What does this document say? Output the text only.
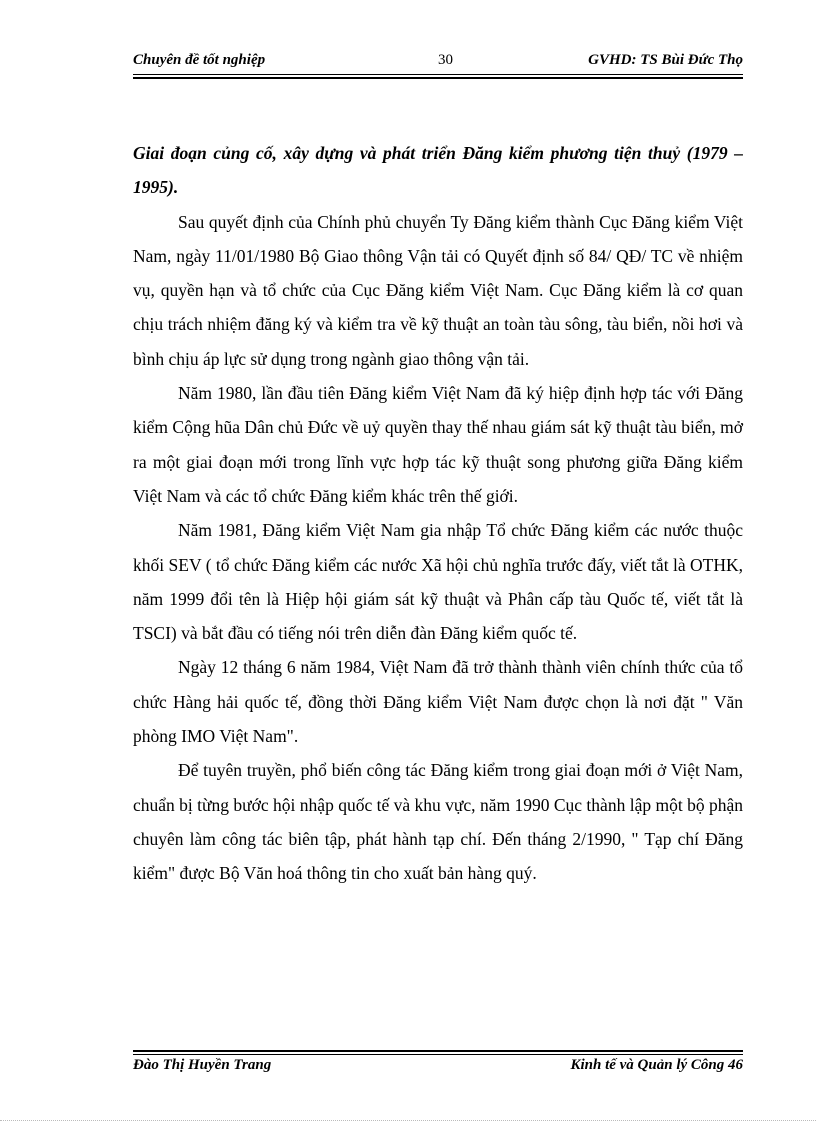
Chuyên đề tốt nghiệp	30	GVHD: TS Bùi Đức Thọ

Giai đoạn củng cố, xây dựng và phát triển Đăng kiểm phương tiện thuỷ (1979 – 1995).

Sau quyết định của Chính phủ chuyển Ty Đăng kiểm thành Cục Đăng kiểm Việt Nam, ngày 11/01/1980 Bộ Giao thông Vận tải có Quyết định số 84/ QĐ/ TC về nhiệm vụ, quyền hạn và tổ chức của Cục Đăng kiểm Việt Nam. Cục Đăng kiểm là cơ quan chịu trách nhiệm đăng ký và kiểm tra về kỹ thuật an toàn tàu sông, tàu biển, nồi hơi và bình chịu áp lực sử dụng trong ngành giao thông vận tải.

Năm 1980, lần đầu tiên Đăng kiểm Việt Nam đã ký hiệp định hợp tác với Đăng kiểm Cộng hũa Dân chủ Đức về uỷ quyền thay thế nhau giám sát kỹ thuật tàu biển, mở ra một giai đoạn mới trong lĩnh vực hợp tác kỹ thuật song phương giữa Đăng kiểm Việt Nam và các tổ chức Đăng kiểm khác trên thế giới.

Năm 1981, Đăng kiểm Việt Nam gia nhập Tổ chức Đăng kiểm các nước thuộc khối SEV ( tổ chức Đăng kiểm các nước Xã hội chủ nghĩa trước đấy, viết tắt là OTHK, năm 1999 đổi tên là Hiệp hội giám sát kỹ thuật và Phân cấp tàu Quốc tế, viết tắt là TSCI) và bắt đầu có tiếng nói trên diễn đàn Đăng kiểm quốc tế.

Ngày 12 tháng 6 năm 1984, Việt Nam đã trở thành thành viên chính thức của tổ chức Hàng hải quốc tế, đồng thời Đăng kiểm Việt Nam được chọn là nơi đặt " Văn phòng IMO Việt Nam".

Để tuyên truyền, phổ biến công tác Đăng kiểm trong giai đoạn mới ở Việt Nam, chuẩn bị từng bước hội nhập quốc tế và khu vực, năm 1990 Cục thành lập một bộ phận chuyên làm công tác biên tập, phát hành tạp chí. Đến tháng 2/1990, " Tạp chí Đăng kiểm" được Bộ Văn hoá thông tin cho xuất bản hàng quý.

Đào Thị Huyền Trang	Kinh tế và Quản lý Công 46
